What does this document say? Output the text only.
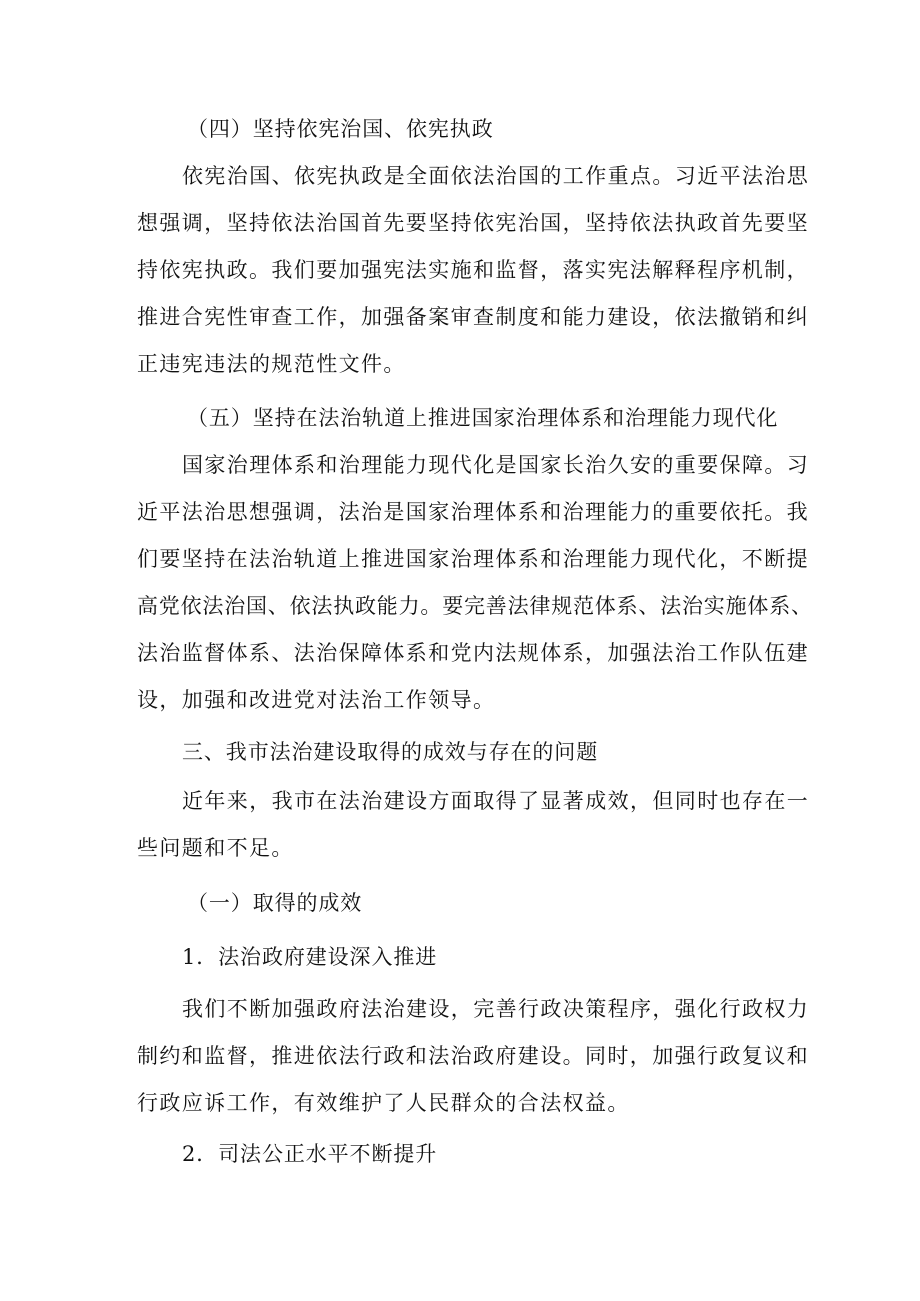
（四）坚持依宪治国、依宪执政
依宪治国、依宪执政是全面依法治国的工作重点。习近平法治思
想强调，坚持依法治国首先要坚持依宪治国，坚持依法执政首先要坚
持依宪执政。我们要加强宪法实施和监督，落实宪法解释程序机制，
推进合宪性审查工作，加强备案审查制度和能力建设，依法撤销和纠
正违宪违法的规范性文件。
（五）坚持在法治轨道上推进国家治理体系和治理能力现代化
国家治理体系和治理能力现代化是国家长治久安的重要保障。习
近平法治思想强调，法治是国家治理体系和治理能力的重要依托。我
们要坚持在法治轨道上推进国家治理体系和治理能力现代化，不断提
高党依法治国、依法执政能力。要完善法律规范体系、法治实施体系、
法治监督体系、法治保障体系和党内法规体系，加强法治工作队伍建
设，加强和改进党对法治工作领导。
三、我市法治建设取得的成效与存在的问题
近年来，我市在法治建设方面取得了显著成效，但同时也存在一
些问题和不足。
（一）取得的成效
1．法治政府建设深入推进
我们不断加强政府法治建设，完善行政决策程序，强化行政权力
制约和监督，推进依法行政和法治政府建设。同时，加强行政复议和
行政应诉工作，有效维护了人民群众的合法权益。
2．司法公正水平不断提升
